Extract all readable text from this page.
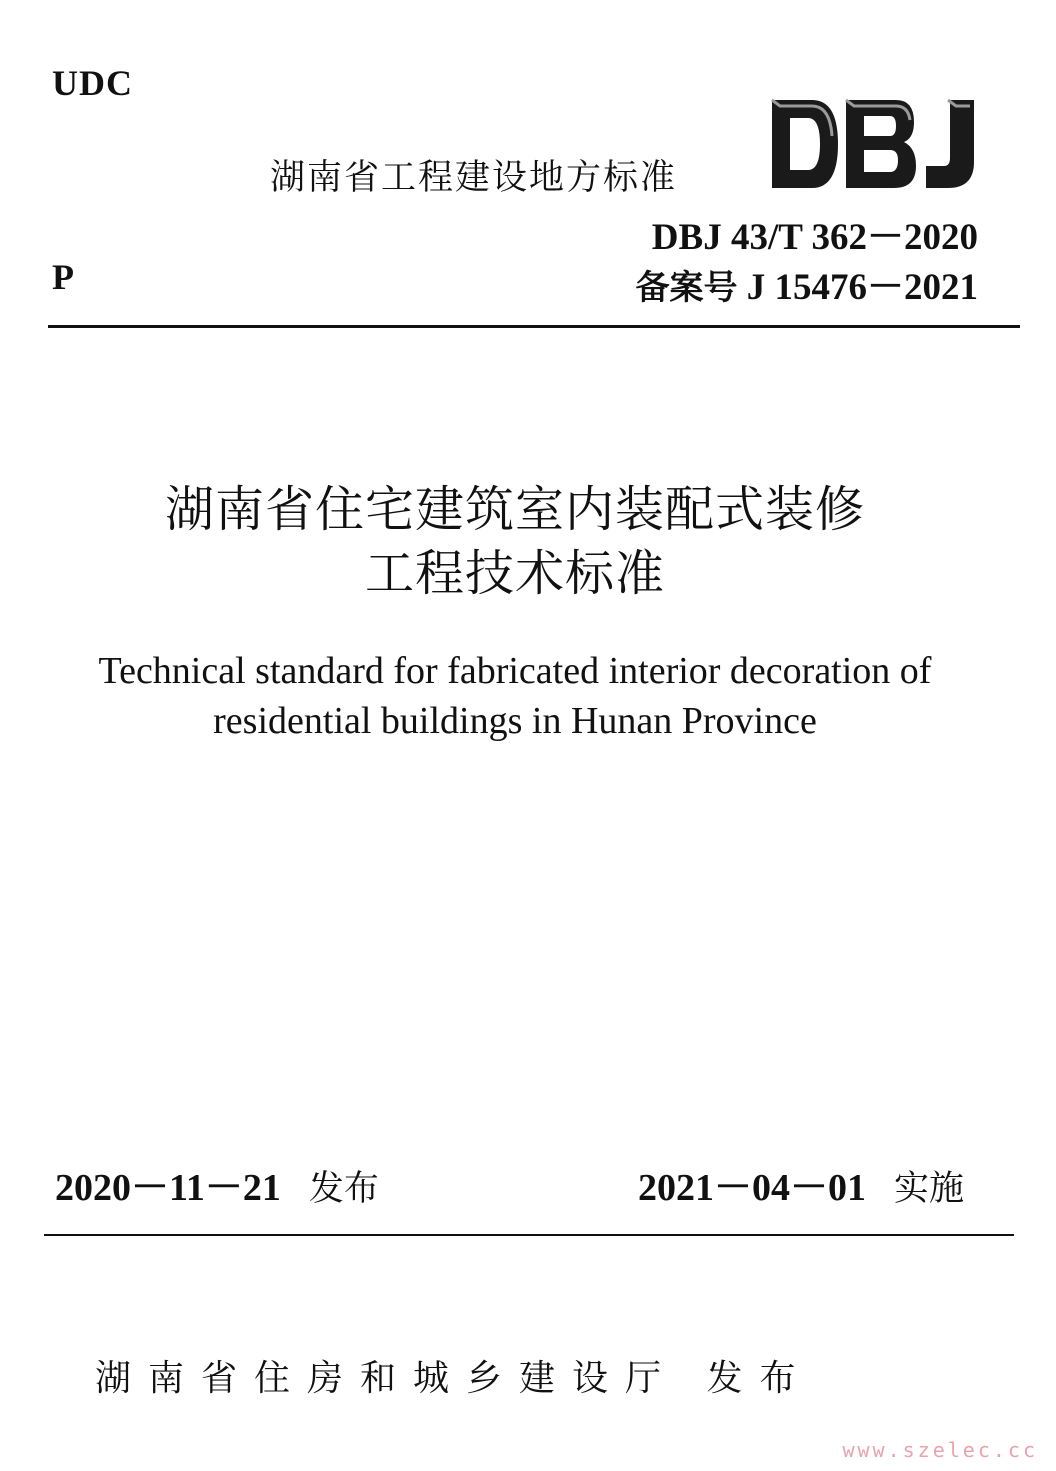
UDC
P
湖南省工程建设地方标准
DBJ 43/T 362－2020
备案号 J 15476－2021
湖南省住宅建筑室内装配式装修
工程技术标准
Technical standard for fabricated interior decoration of
residential buildings in Hunan Province
2020－11－21 发布	2021－04－01 实施
湖南省住房和城乡建设厅 发布
www.szelec.cc
